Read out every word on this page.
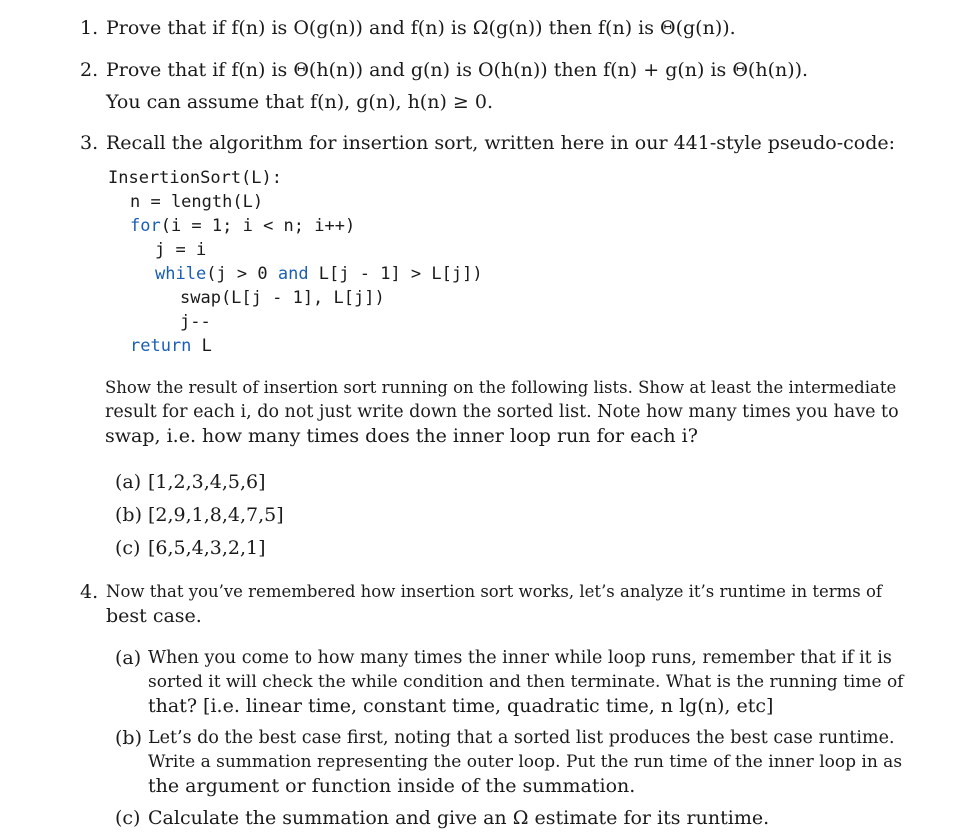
1. Prove that if f(n) is O(g(n)) and f(n) is Ω(g(n)) then f(n) is Θ(g(n)).
2. Prove that if f(n) is Θ(h(n)) and g(n) is O(h(n)) then f(n) + g(n) is Θ(h(n)).
You can assume that f(n), g(n), h(n) ≥ 0.
3. Recall the algorithm for insertion sort, written here in our 441-style pseudo-code:
InsertionSort(L):
n = length(L)
for(i = 1; i < n; i++)
j = i
while(j > 0 and L[j - 1] > L[j])
swap(L[j - 1], L[j])
j--
return L
Show the result of insertion sort running on the following lists. Show at least the intermediate
result for each i, do not just write down the sorted list. Note how many times you have to
swap, i.e. how many times does the inner loop run for each i?
(a) [1,2,3,4,5,6]
(b) [2,9,1,8,4,7,5]
(c) [6,5,4,3,2,1]
4. Now that you’ve remembered how insertion sort works, let’s analyze it’s runtime in terms of
best case.
(a) When you come to how many times the inner while loop runs, remember that if it is
sorted it will check the while condition and then terminate. What is the running time of
that? [i.e. linear time, constant time, quadratic time, n lg(n), etc]
(b) Let’s do the best case first, noting that a sorted list produces the best case runtime.
Write a summation representing the outer loop. Put the run time of the inner loop in as
the argument or function inside of the summation.
(c) Calculate the summation and give an Ω estimate for its runtime.
